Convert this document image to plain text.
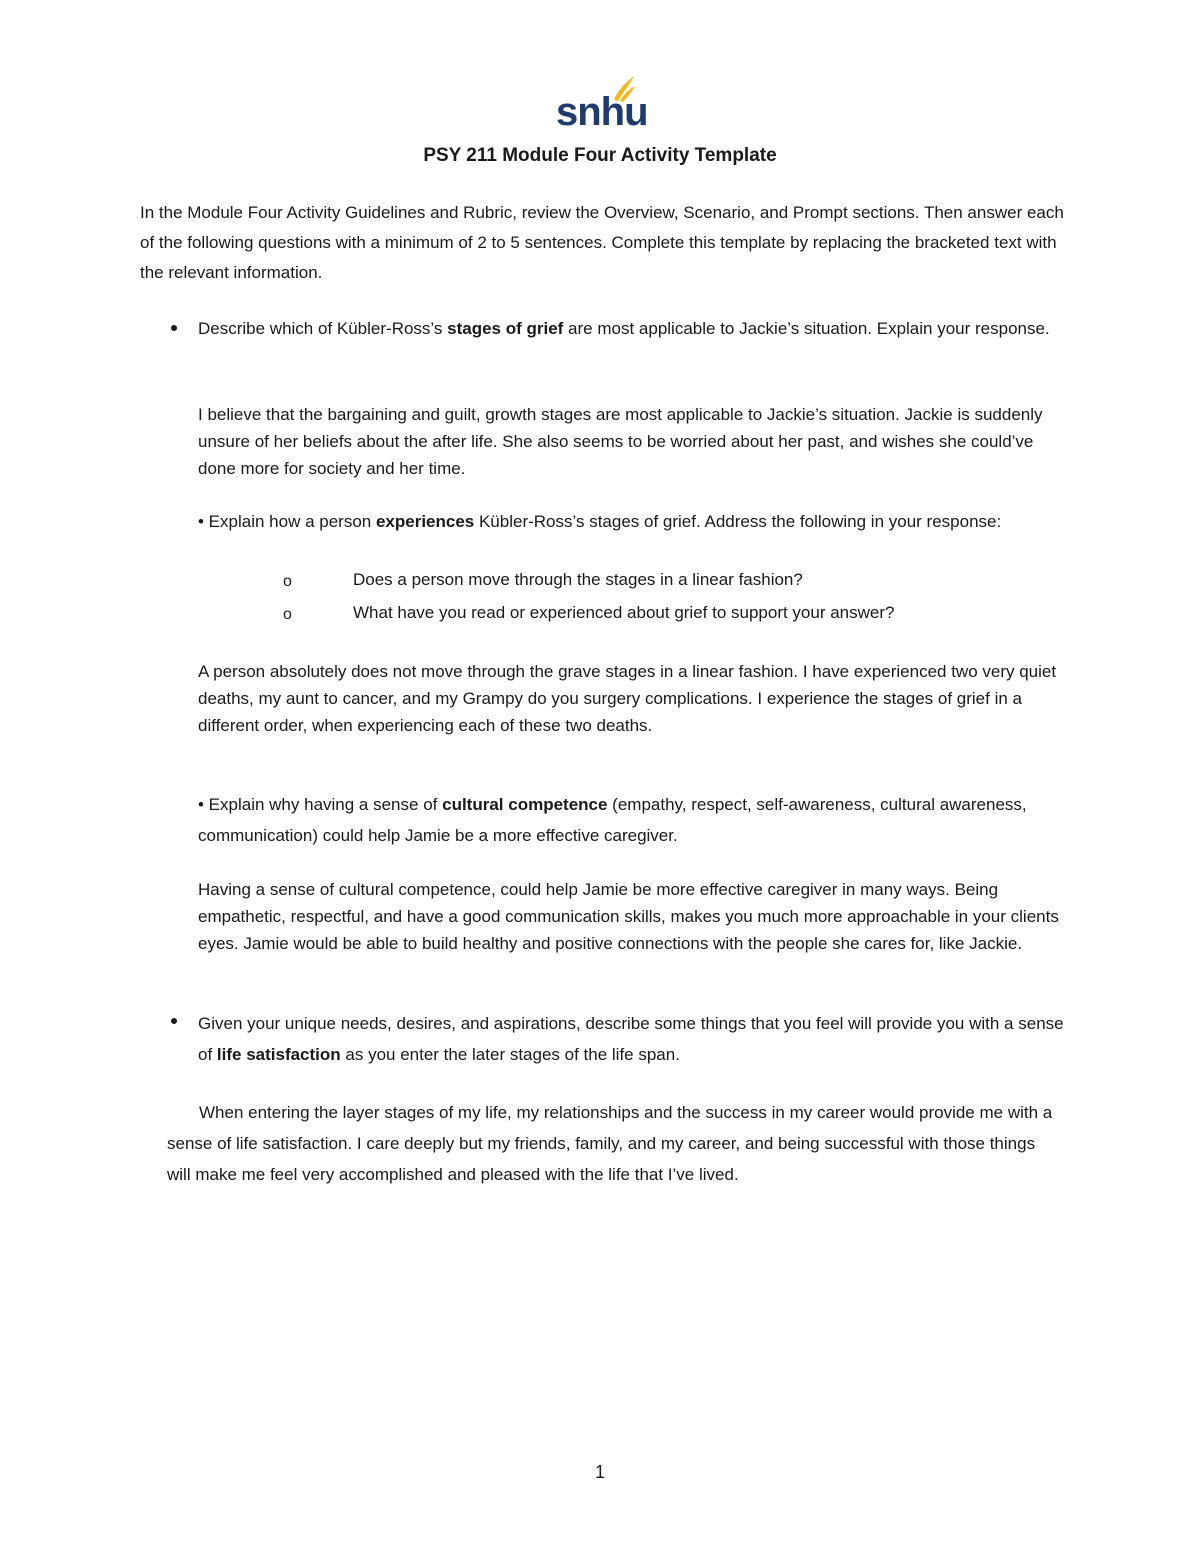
snhu
PSY 211 Module Four Activity Template

In the Module Four Activity Guidelines and Rubric, review the Overview, Scenario, and Prompt sections. Then answer each of the following questions with a minimum of 2 to 5 sentences. Complete this template by replacing the bracketed text with the relevant information.

Describe which of Kübler-Ross’s stages of grief are most applicable to Jackie’s situation. Explain your response.

I believe that the bargaining and guilt, growth stages are most applicable to Jackie’s situation. Jackie is suddenly unsure of her beliefs about the after life. She also seems to be worried about her past, and wishes she could’ve done more for society and her time.

• Explain how a person experiences Kübler-Ross’s stages of grief. Address the following in your response:

o	Does a person move through the stages in a linear fashion?
o	What have you read or experienced about grief to support your answer?

A person absolutely does not move through the grave stages in a linear fashion. I have experienced two very quiet deaths, my aunt to cancer, and my Grampy do you surgery complications. I experience the stages of grief in a different order, when experiencing each of these two deaths.

• Explain why having a sense of cultural competence (empathy, respect, self-awareness, cultural awareness, communication) could help Jamie be a more effective caregiver.

Having a sense of cultural competence, could help Jamie be more effective caregiver in many ways. Being empathetic, respectful, and have a good communication skills, makes you much more approachable in your clients eyes. Jamie would be able to build healthy and positive connections with the people she cares for, like Jackie.

Given your unique needs, desires, and aspirations, describe some things that you feel will provide you with a sense of life satisfaction as you enter the later stages of the life span.

When entering the layer stages of my life, my relationships and the success in my career would provide me with a sense of life satisfaction. I care deeply but my friends, family, and my career, and being successful with those things will make me feel very accomplished and pleased with the life that I’ve lived.

1
